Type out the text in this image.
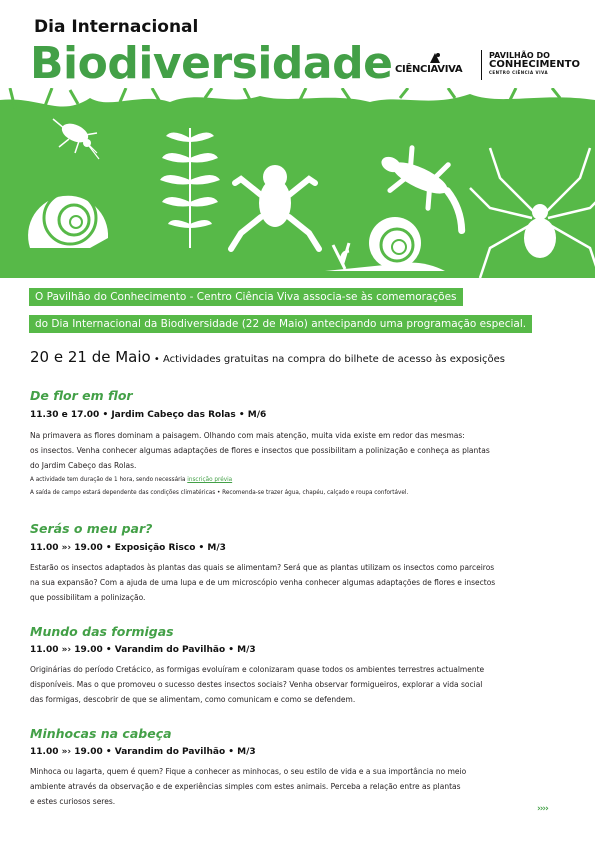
Dia Internacional
Biodiversidade CIÊNCIAVIVA
PAVILHÃO DO
CONHECIMENTO
CENTRO CIÊNCIA VIVA
O Pavilhão do Conhecimento - Centro Ciência Viva associa-se às comemorações
do Dia Internacional da Biodiversidade (22 de Maio) antecipando uma programação especial.
20 e 21 de Maio • Actividades gratuitas na compra do bilhete de acesso às exposições
De flor em flor
11.30 e 17.00 • Jardim Cabeço das Rolas • M/6
Na primavera as flores dominam a paisagem. Olhando com mais atenção, muita vida existe em redor das mesmas:
os insectos. Venha conhecer algumas adaptações de flores e insectos que possibilitam a polinização e conheça as plantas
do Jardim Cabeço das Rolas.
A actividade tem duração de 1 hora, sendo necessária inscrição prévia
A saída de campo estará dependente das condições climatéricas • Recomenda-se trazer água, chapéu, calçado e roupa confortável.
Serás o meu par?
11.00 »› 19.00 • Exposição Risco • M/3
Estarão os insectos adaptados às plantas das quais se alimentam? Será que as plantas utilizam os insectos como parceiros
na sua expansão? Com a ajuda de uma lupa e de um microscópio venha conhecer algumas adaptações de flores e insectos
que possibilitam a polinização.
Mundo das formigas
11.00 »› 19.00 • Varandim do Pavilhão • M/3
Originárias do período Cretácico, as formigas evoluíram e colonizaram quase todos os ambientes terrestres actualmente
disponíveis. Mas o que promoveu o sucesso destes insectos sociais? Venha observar formigueiros, explorar a vida social
das formigas, descobrir de que se alimentam, como comunicam e como se defendem.
Minhocas na cabeça
11.00 »› 19.00 • Varandim do Pavilhão • M/3
Minhoca ou lagarta, quem é quem? Fique a conhecer as minhocas, o seu estilo de vida e a sua importância no meio
ambiente através da observação e de experiências simples com estes animais. Perceba a relação entre as plantas
e estes curiosos seres.
››››
